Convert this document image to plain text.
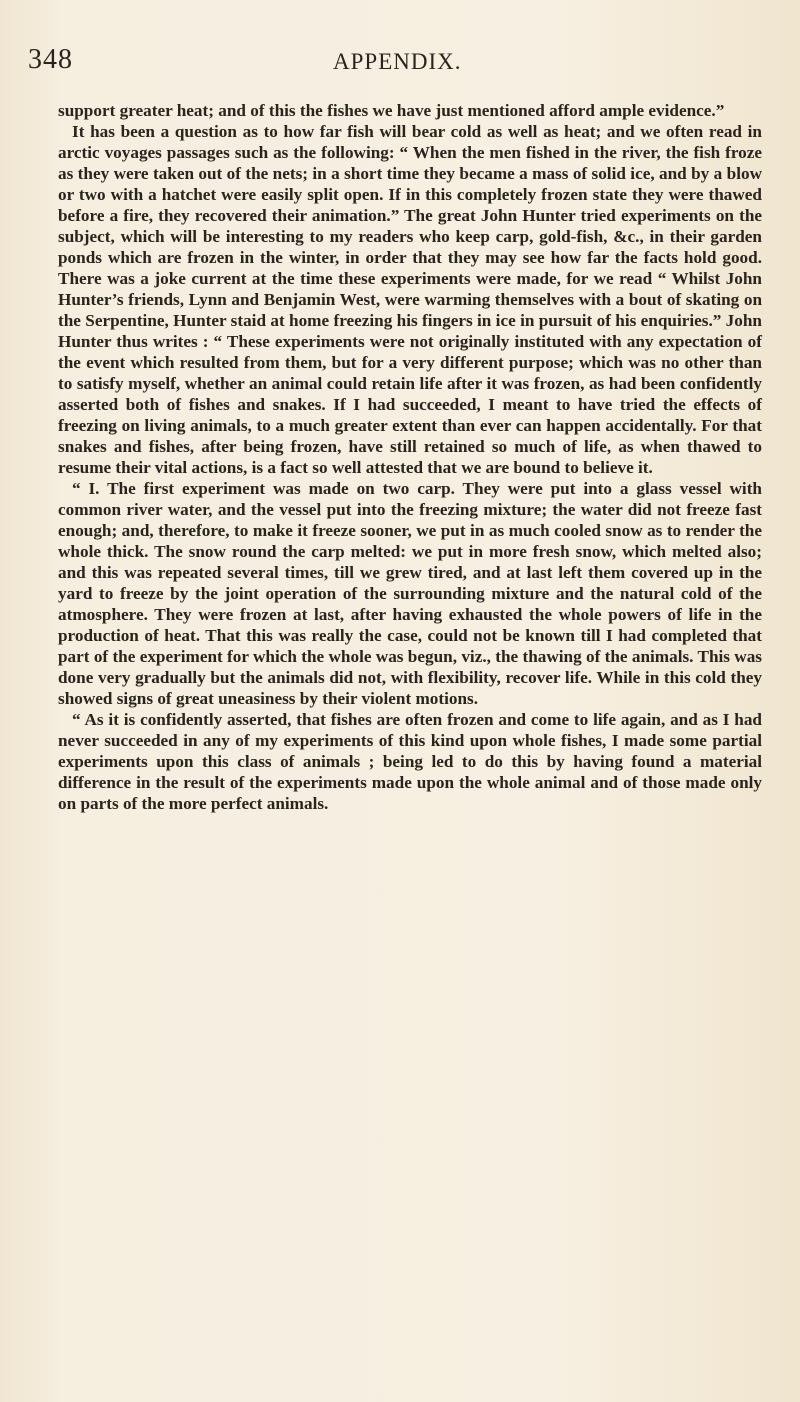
348	APPENDIX.

support greater heat; and of this the fishes we have just mentioned afford ample evidence.”

It has been a question as to how far fish will bear cold as well as heat; and we often read in arctic voyages passages such as the following: “ When the men fished in the river, the fish froze as they were taken out of the nets; in a short time they became a mass of solid ice, and by a blow or two with a hatchet were easily split open. If in this completely frozen state they were thawed before a fire, they recovered their animation.” The great John Hunter tried experiments on the subject, which will be interesting to my readers who keep carp, gold-fish, &c., in their garden ponds which are frozen in the winter, in order that they may see how far the facts hold good. There was a joke current at the time these experiments were made, for we read “ Whilst John Hunter’s friends, Lynn and Benjamin West, were warming themselves with a bout of skating on the Serpentine, Hunter staid at home freezing his fingers in ice in pursuit of his enquiries.” John Hunter thus writes : “ These experiments were not originally instituted with any expectation of the event which resulted from them, but for a very different purpose; which was no other than to satisfy myself, whether an animal could retain life after it was frozen, as had been confidently asserted both of fishes and snakes. If I had succeeded, I meant to have tried the effects of freezing on living animals, to a much greater extent than ever can happen accidentally. For that snakes and fishes, after being frozen, have still retained so much of life, as when thawed to resume their vital actions, is a fact so well attested that we are bound to believe it.

“ I. The first experiment was made on two carp. They were put into a glass vessel with common river water, and the vessel put into the freezing mixture; the water did not freeze fast enough; and, therefore, to make it freeze sooner, we put in as much cooled snow as to render the whole thick. The snow round the carp melted: we put in more fresh snow, which melted also; and this was repeated several times, till we grew tired, and at last left them covered up in the yard to freeze by the joint operation of the surrounding mixture and the natural cold of the atmosphere. They were frozen at last, after having exhausted the whole powers of life in the production of heat. That this was really the case, could not be known till I had completed that part of the experiment for which the whole was begun, viz., the thawing of the animals. This was done very gradually but the animals did not, with flexibility, recover life. While in this cold they showed signs of great uneasiness by their violent motions.

“ As it is confidently asserted, that fishes are often frozen and come to life again, and as I had never succeeded in any of my experiments of this kind upon whole fishes, I made some partial experiments upon this class of animals ; being led to do this by having found a material difference in the result of the experiments made upon the whole animal and of those made only on parts of the more perfect animals.
